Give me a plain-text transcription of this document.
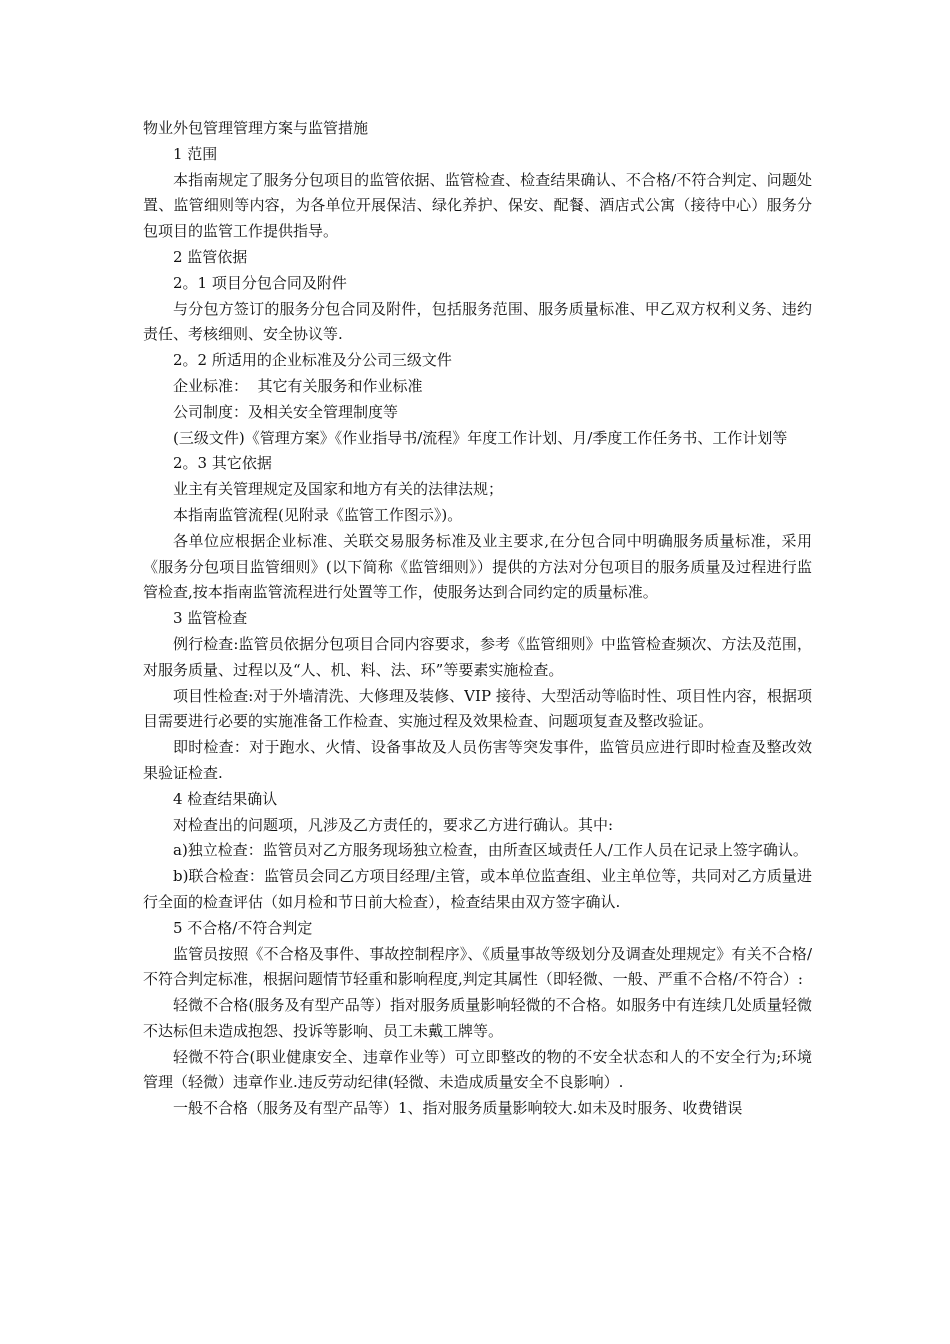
物业外包管理管理方案与监管措施

1 范围

本指南规定了服务分包项目的监管依据、监管检查、检查结果确认、不合格/不符合判定、问题处置、监管细则等内容，为各单位开展保洁、绿化养护、保安、配餐、酒店式公寓（接待中心）服务分包项目的监管工作提供指导。

2 监管依据

2。1 项目分包合同及附件

与分包方签订的服务分包合同及附件，包括服务范围、服务质量标准、甲乙双方权利义务、违约责任、考核细则、安全协议等.

2。2 所适用的企业标准及分公司三级文件

企业标准：  其它有关服务和作业标准

公司制度：及相关安全管理制度等

(三级文件)《管理方案》《作业指导书/流程》年度工作计划、月/季度工作任务书、工作计划等

2。3 其它依据

业主有关管理规定及国家和地方有关的法律法规；

本指南监管流程(见附录《监管工作图示》)。

各单位应根据企业标准、关联交易服务标准及业主要求,在分包合同中明确服务质量标准，采用《服务分包项目监管细则》(以下简称《监管细则》）提供的方法对分包项目的服务质量及过程进行监管检查,按本指南监管流程进行处置等工作，使服务达到合同约定的质量标准。

3 监管检查

例行检查:监管员依据分包项目合同内容要求，参考《监管细则》中监管检查频次、方法及范围，对服务质量、过程以及“人、机、料、法、环”等要素实施检查。

项目性检查:对于外墙清洗、大修理及装修、VIP 接待、大型活动等临时性、项目性内容，根据项目需要进行必要的实施准备工作检查、实施过程及效果检查、问题项复查及整改验证。

即时检查：对于跑水、火情、设备事故及人员伤害等突发事件，监管员应进行即时检查及整改效果验证检查.

4 检查结果确认

对检查出的问题项，凡涉及乙方责任的，要求乙方进行确认。其中:

a)独立检查：监管员对乙方服务现场独立检查，由所查区域责任人/工作人员在记录上签字确认。

b)联合检查：监管员会同乙方项目经理/主管，或本单位监查组、业主单位等，共同对乙方质量进行全面的检查评估（如月检和节日前大检查），检查结果由双方签字确认.

5 不合格/不符合判定

监管员按照《不合格及事件、事故控制程序》、《质量事故等级划分及调查处理规定》有关不合格/不符合判定标准，根据问题情节轻重和影响程度,判定其属性（即轻微、一般、严重不合格/不符合）:

轻微不合格(服务及有型产品等）指对服务质量影响轻微的不合格。如服务中有连续几处质量轻微不达标但未造成抱怨、投诉等影响、员工未戴工牌等。

轻微不符合(职业健康安全、违章作业等）可立即整改的物的不安全状态和人的不安全行为;环境管理（轻微）违章作业.违反劳动纪律(轻微、未造成质量安全不良影响）.

一般不合格（服务及有型产品等）1、指对服务质量影响较大.如未及时服务、收费错误
